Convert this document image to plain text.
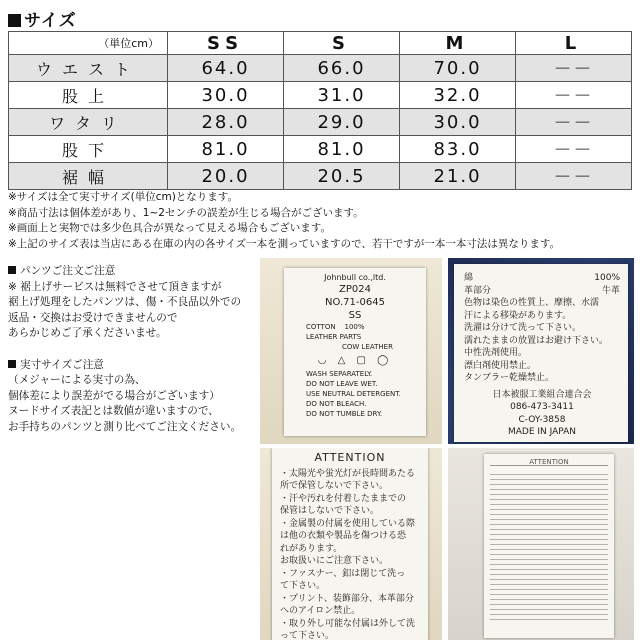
サイズ
（単位cm）	SS	S	M	L
ウエスト	64.0	66.0	70.0	－－
股上	30.0	31.0	32.0	－－
ワタリ	28.0	29.0	30.0	－－
股下	81.0	81.0	83.0	－－
裾幅	20.0	20.5	21.0	－－
※サイズは全て実寸サイズ(単位cm)となります。
※商品寸法は個体差があり、1~2センチの誤差が生じる場合がございます。
※画面上と実物では多少色具合が異なって見える場合もございます。
※上記のサイズ表は当店にある在庫の内の各サイズ一本を測っていますので、若干ですが一本一本寸法は異なります。
パンツご注文ご注意
※ 裾上げサービスは無料でさせて頂きますが
裾上げ処理をしたパンツは、傷・不良品以外での
返品・交換はお受けできませんので
あらかじめご了承くださいませ。
実寸サイズご注意
（メジャーによる実寸の為、
個体差により誤差がでる場合がございます）
ヌードサイズ表記とは数値が違いますので、
お手持ちのパンツと測り比べてご注文ください。
Johnbull co.,ltd.
ZP024
NO.71-0645
SS
COTTON 100%
LEATHER PARTS
COW LEATHER
◡ △ ▢ ◯
WASH SEPARATELY.
DO NOT LEAVE WET.
USE NEUTRAL DETERGENT.
DO NOT BLEACH.
DO NOT TUMBLE DRY.
綿	100%
革部分	牛革
色物は染色の性質上、摩擦、水濡
汗による移染があります。
洗濯は分けて洗って下さい。
濡れたままの放置はお避け下さい。
中性洗剤使用。
漂白剤使用禁止。
タンブラー乾燥禁止。
日本被服工業組合連合会
086-473-3411
C-OY-3858
MADE IN JAPAN
ATTENTION
・太陽光や蛍光灯が長時間あたる
所で保管しないで下さい。
・汗や汚れを付着したままでの
保管はしないで下さい。
・金属製の付属を使用している際
は他の衣類や製品を傷つける恐
れがあります。
お取扱いにご注意下さい。
・ファスナー、釦は閉じて洗っ
て下さい。
・プリント、装飾部分、本革部分
へのアイロン禁止。
・取り外し可能な付属は外して洗
って下さい。
ATTENTION
